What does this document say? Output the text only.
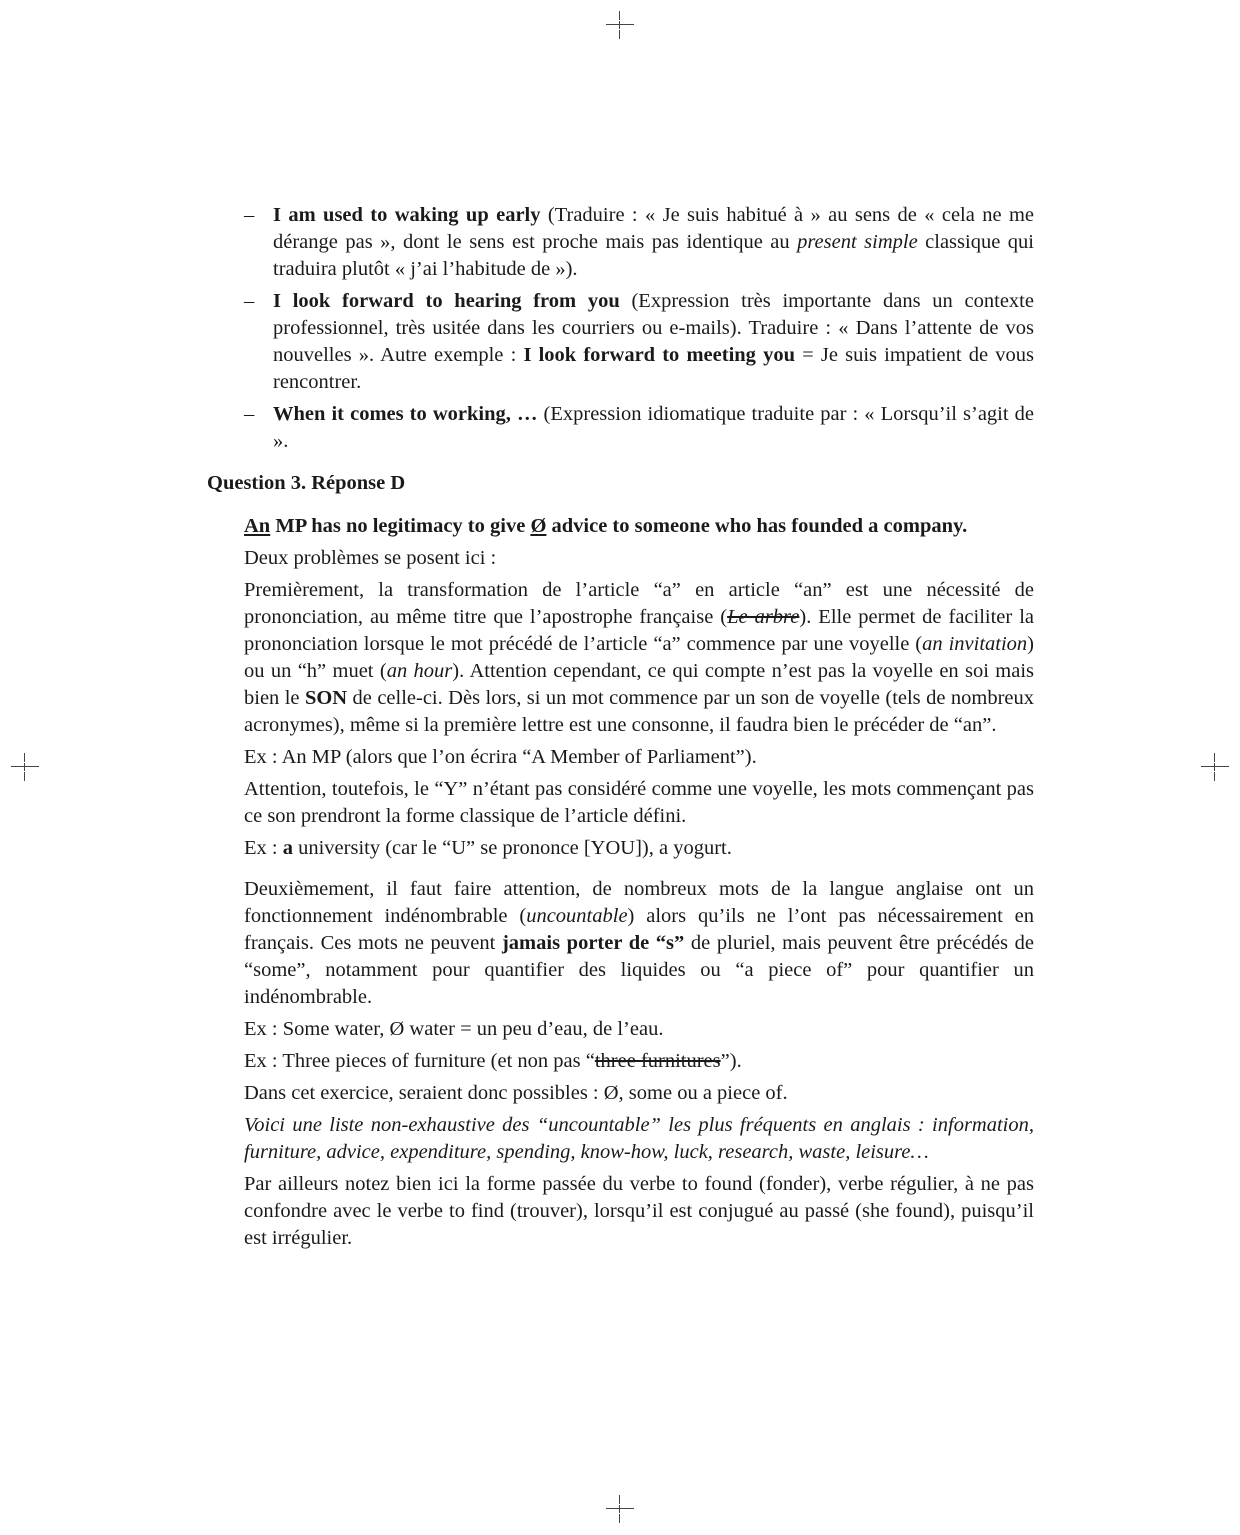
– I am used to waking up early (Traduire : « Je suis habitué à » au sens de « cela ne me dérange pas », dont le sens est proche mais pas identique au present simple classique qui traduira plutôt « j’ai l’habitude de »).
– I look forward to hearing from you (Expression très importante dans un contexte professionnel, très usitée dans les courriers ou e-mails). Traduire : « Dans l’attente de vos nouvelles ». Autre exemple : I look forward to meeting you = Je suis impatient de vous rencontrer.
– When it comes to working, … (Expression idiomatique traduite par : « Lorsqu’il s’agit de ».
Question 3. Réponse D

An MP has no legitimacy to give Ø advice to someone who has founded a company.

Deux problèmes se posent ici :

Premièrement, la transformation de l’article “a” en article “an” est une nécessité de prononciation, au même titre que l’apostrophe française (Le arbre). Elle permet de faciliter la prononciation lorsque le mot précédé de l’article “a” commence par une voyelle (an invitation) ou un “h” muet (an hour). Attention cependant, ce qui compte n’est pas la voyelle en soi mais bien le SON de celle-ci. Dès lors, si un mot commence par un son de voyelle (tels de nombreux acronymes), même si la première lettre est une consonne, il faudra bien le précéder de “an”.

Ex : An MP (alors que l’on écrira “A Member of Parliament”).

Attention, toutefois, le “Y” n’étant pas considéré comme une voyelle, les mots commençant pas ce son prendront la forme classique de l’article défini.

Ex : a university (car le “U” se prononce [YOU]), a yogurt.

Deuxièmement, il faut faire attention, de nombreux mots de la langue anglaise ont un fonctionnement indénombrable (uncountable) alors qu’ils ne l’ont pas nécessairement en français. Ces mots ne peuvent jamais porter de “s” de pluriel, mais peuvent être précédés de “some”, notamment pour quantifier des liquides ou “a piece of” pour quantifier un indénombrable.

Ex : Some water, Ø water = un peu d’eau, de l’eau.

Ex : Three pieces of furniture (et non pas “three furnitures”).

Dans cet exercice, seraient donc possibles : Ø, some ou a piece of.

Voici une liste non-exhaustive des “uncountable” les plus fréquents en anglais : information, furniture, advice, expenditure, spending, know-how, luck, research, waste, leisure…

Par ailleurs notez bien ici la forme passée du verbe to found (fonder), verbe régulier, à ne pas confondre avec le verbe to find (trouver), lorsqu’il est conjugué au passé (she found), puisqu’il est irrégulier.
